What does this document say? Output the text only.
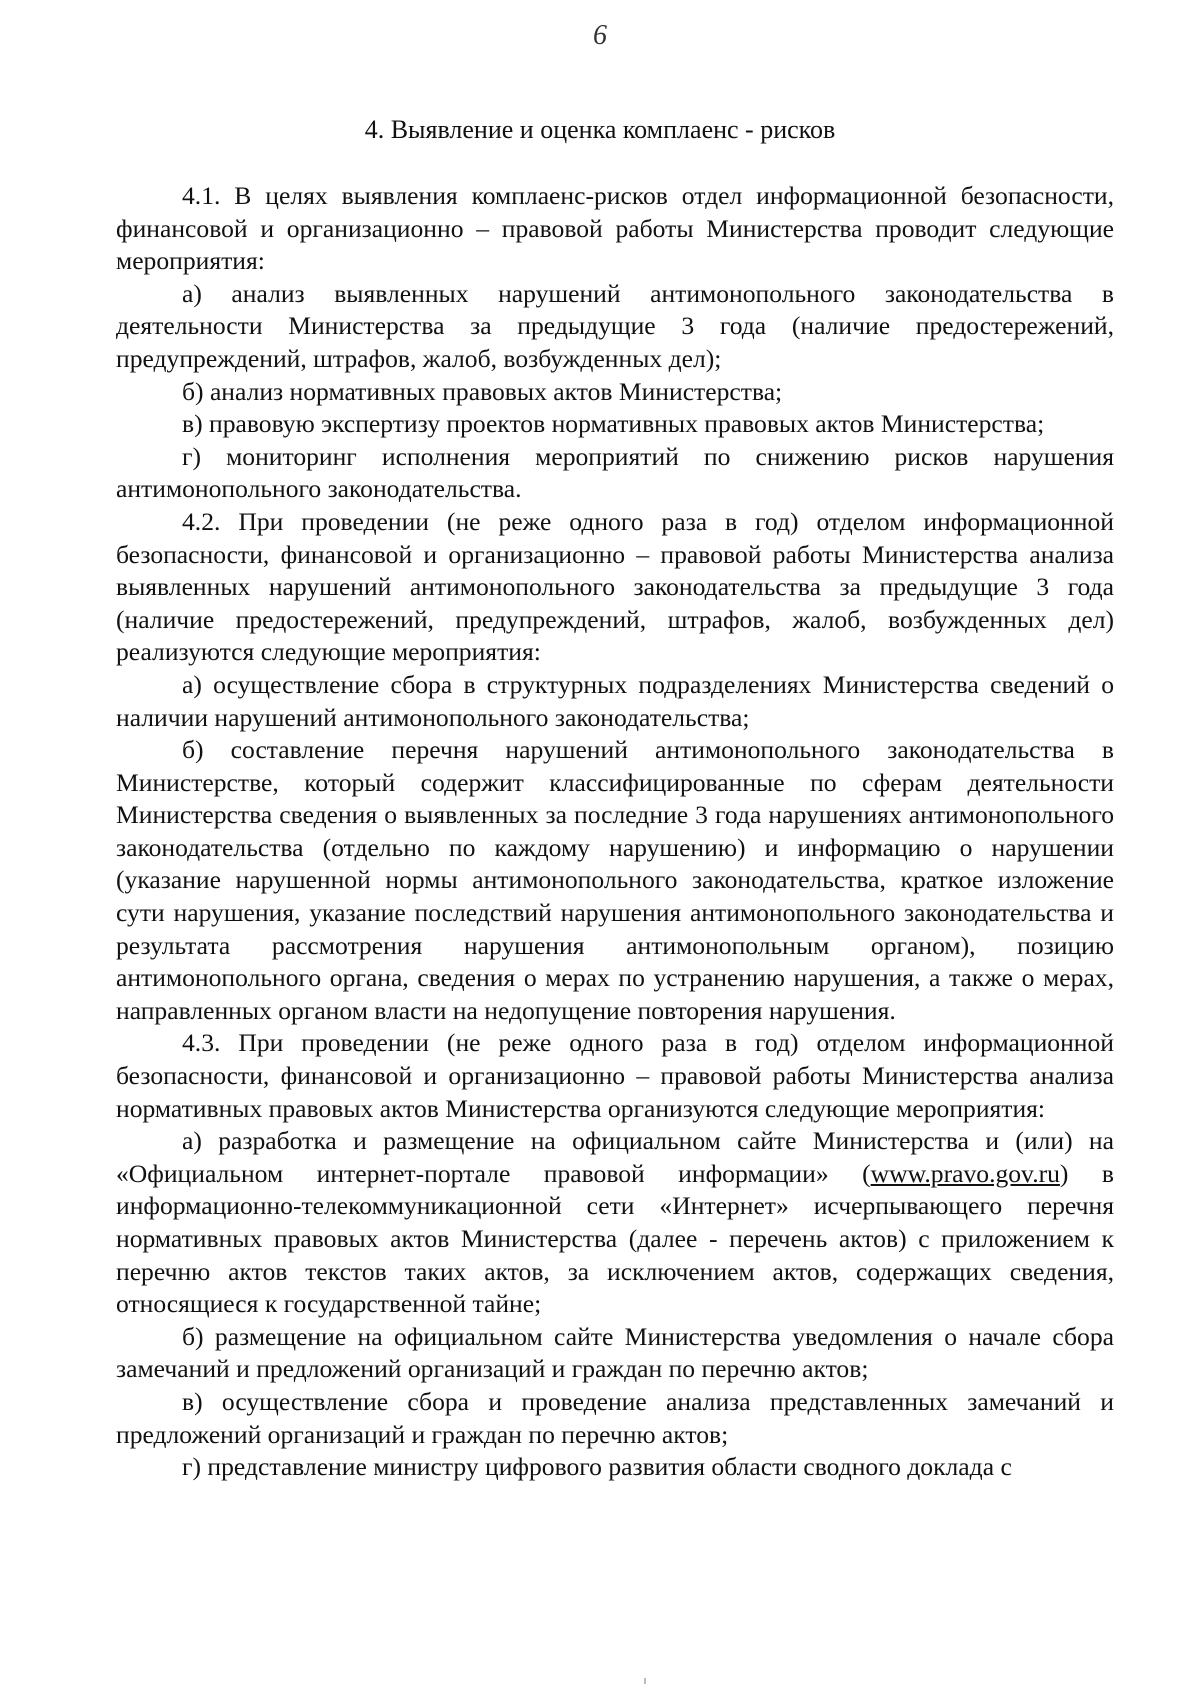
6
4. Выявление и оценка комплаенс - рисков

4.1. В целях выявления комплаенс-рисков отдел информационной безопасности, финансовой и организационно – правовой работы Министерства проводит следующие мероприятия:

а) анализ выявленных нарушений антимонопольного законодательства в деятельности Министерства за предыдущие 3 года (наличие предостережений, предупреждений, штрафов, жалоб, возбужденных дел);

б) анализ нормативных правовых актов Министерства;

в) правовую экспертизу проектов нормативных правовых актов Министерства;

г) мониторинг исполнения мероприятий по снижению рисков нарушения антимонопольного законодательства.

4.2. При проведении (не реже одного раза в год) отделом информационной безопасности, финансовой и организационно – правовой работы Министерства анализа выявленных нарушений антимонопольного законодательства за предыдущие 3 года (наличие предостережений, предупреждений, штрафов, жалоб, возбужденных дел) реализуются следующие мероприятия:

а) осуществление сбора в структурных подразделениях Министерства сведений о наличии нарушений антимонопольного законодательства;

б) составление перечня нарушений антимонопольного законодательства в Министерстве, который содержит классифицированные по сферам деятельности Министерства сведения о выявленных за последние 3 года нарушениях антимонопольного законодательства (отдельно по каждому нарушению) и информацию о нарушении (указание нарушенной нормы антимонопольного законодательства, краткое изложение сути нарушения, указание последствий нарушения антимонопольного законодательства и результата рассмотрения нарушения антимонопольным органом), позицию антимонопольного органа, сведения о мерах по устранению нарушения, а также о мерах, направленных органом власти на недопущение повторения нарушения.

4.3. При проведении (не реже одного раза в год) отделом информационной безопасности, финансовой и организационно – правовой работы Министерства анализа нормативных правовых актов Министерства организуются следующие мероприятия:

а) разработка и размещение на официальном сайте Министерства и (или) на «Официальном интернет-портале правовой информации» (www.pravo.gov.ru) в информационно-телекоммуникационной сети «Интернет» исчерпывающего перечня нормативных правовых актов Министерства (далее - перечень актов) с приложением к перечню актов текстов таких актов, за исключением актов, содержащих сведения, относящиеся к государственной тайне;

б) размещение на официальном сайте Министерства уведомления о начале сбора замечаний и предложений организаций и граждан по перечню актов;

в) осуществление сбора и проведение анализа представленных замечаний и предложений организаций и граждан по перечню актов;

г) представление министру цифрового развития области сводного доклада с
